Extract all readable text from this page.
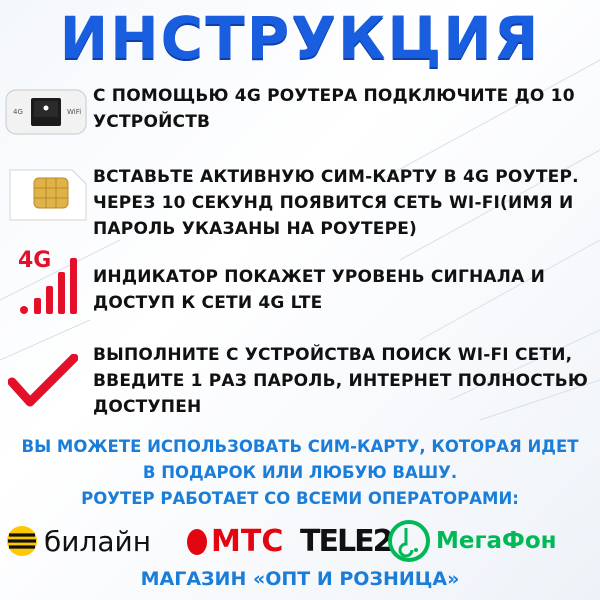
ИНСТРУКЦИЯ
4G	WiFi
С ПОМОЩЬЮ 4G РОУТЕРА ПОДКЛЮЧИТЕ ДО 10 УСТРОЙСТВ
ВСТАВЬТЕ АКТИВНУЮ СИМ-КАРТУ В 4G РОУТЕР. ЧЕРЕЗ 10 СЕКУНД ПОЯВИТСЯ СЕТЬ WI-FI(ИМЯ И ПАРОЛЬ УКАЗАНЫ НА РОУТЕРЕ)
4G
ИНДИКАТОР ПОКАЖЕТ УРОВЕНЬ СИГНАЛА И ДОСТУП К СЕТИ 4G LTE
ВЫПОЛНИТЕ С УСТРОЙСТВА ПОИСК WI-FI СЕТИ, ВВЕДИТЕ 1 РАЗ ПАРОЛЬ, ИНТЕРНЕТ ПОЛНОСТЬЮ ДОСТУПЕН
ВЫ МОЖЕТЕ ИСПОЛЬЗОВАТЬ СИМ-КАРТУ, КОТОРАЯ ИДЕТ
В ПОДАРОК ИЛИ ЛЮБУЮ ВАШУ.
РОУТЕР РАБОТАЕТ СО ВСЕМИ ОПЕРАТОРАМИ:
билайн МТС TELE2 МегаФон
МАГАЗИН «ОПТ И РОЗНИЦА»
